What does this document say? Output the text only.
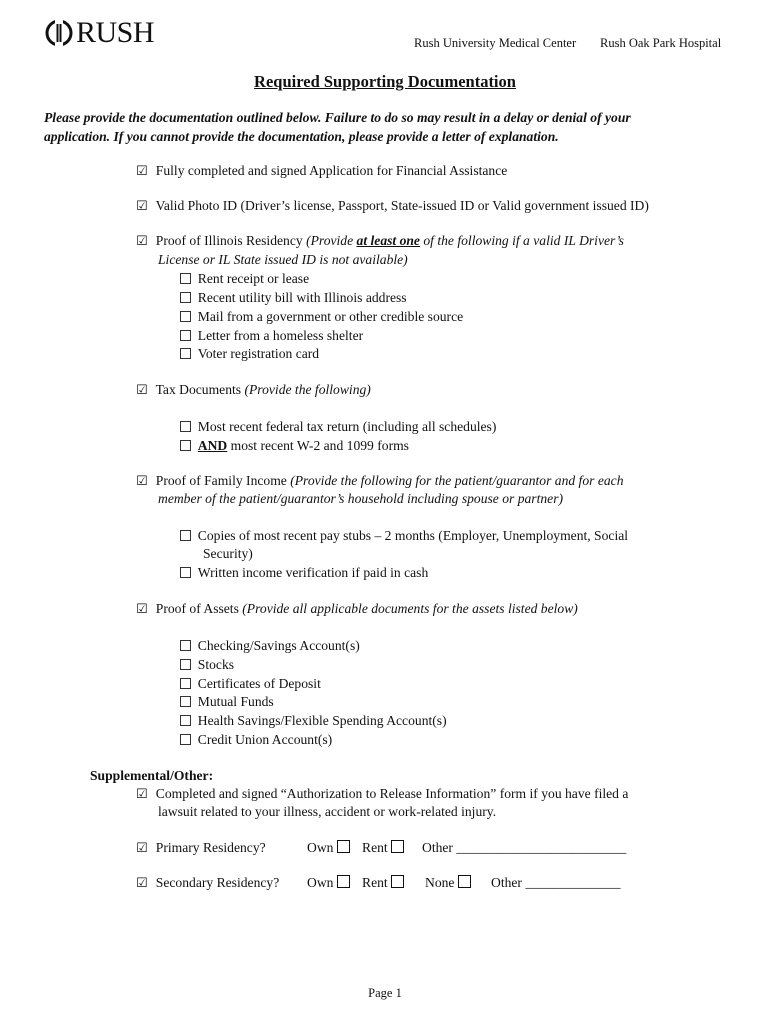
RUSH	Rush University Medical Center Rush Oak Park Hospital
Required Supporting Documentation
Please provide the documentation outlined below. Failure to do so may result in a delay or denial of your
application. If you cannot provide the documentation, please provide a letter of explanation.
☑ Fully completed and signed Application for Financial Assistance
☑ Valid Photo ID (Driver’s license, Passport, State-issued ID or Valid government issued ID)
☑ Proof of Illinois Residency (Provide at least one of the following if a valid IL Driver’s
License or IL State issued ID is not available)
Rent receipt or lease
Recent utility bill with Illinois address
Mail from a government or other credible source
Letter from a homeless shelter
Voter registration card
☑ Tax Documents (Provide the following)
Most recent federal tax return (including all schedules)
AND most recent W-2 and 1099 forms
☑ Proof of Family Income (Provide the following for the patient/guarantor and for each
member of the patient/guarantor’s household including spouse or partner)
Copies of most recent pay stubs – 2 months (Employer, Unemployment, Social
Security)
Written income verification if paid in cash
☑ Proof of Assets (Provide all applicable documents for the assets listed below)
Checking/Savings Account(s)
Stocks
Certificates of Deposit
Mutual Funds
Health Savings/Flexible Spending Account(s)
Credit Union Account(s)
Supplemental/Other:
☑ Completed and signed “Authorization to Release Information” form if you have filed a
lawsuit related to your illness, accident or work-related injury.
☑ Primary Residency?	Own	Rent	Other _________________________
☑ Secondary Residency? Own	Rent	None	Other ______________
Page 1
